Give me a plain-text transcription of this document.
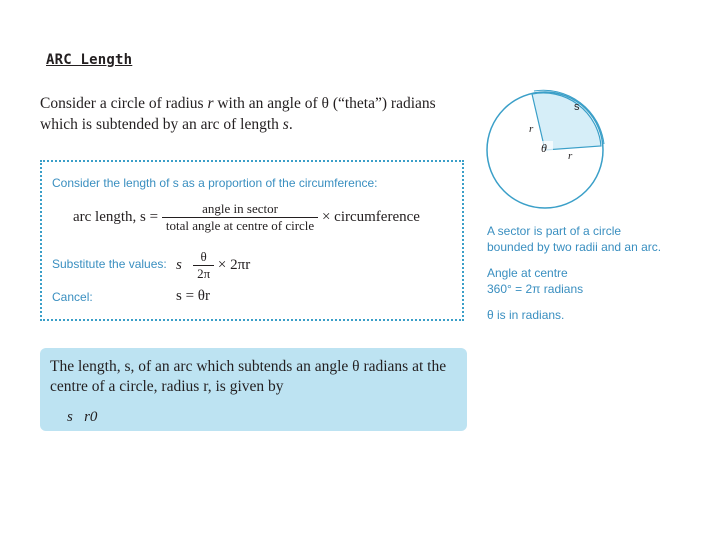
ARC Length
Consider a circle of radius r with an angle of θ (“theta”) radians
which is subtended by an arc of length s.
Consider the length of s as a proportion of the circumference:
arc length, $s = \frac{\text{angle in sector}}{\text{total angle at centre of circle}}$ × circumference
Substitute the values: s $\frac{\theta}{2\pi} \times 2\pi r$
Cancel:	s = θr
The length, s, of an arc which subtends an angle θ radians at the centre of a circle, radius r, is given by
s r0
s
r
r
θ
A sector is part of a circle
bounded by two radii and an arc.
Angle at centre
360° = 2π radians
θ is in radians.
